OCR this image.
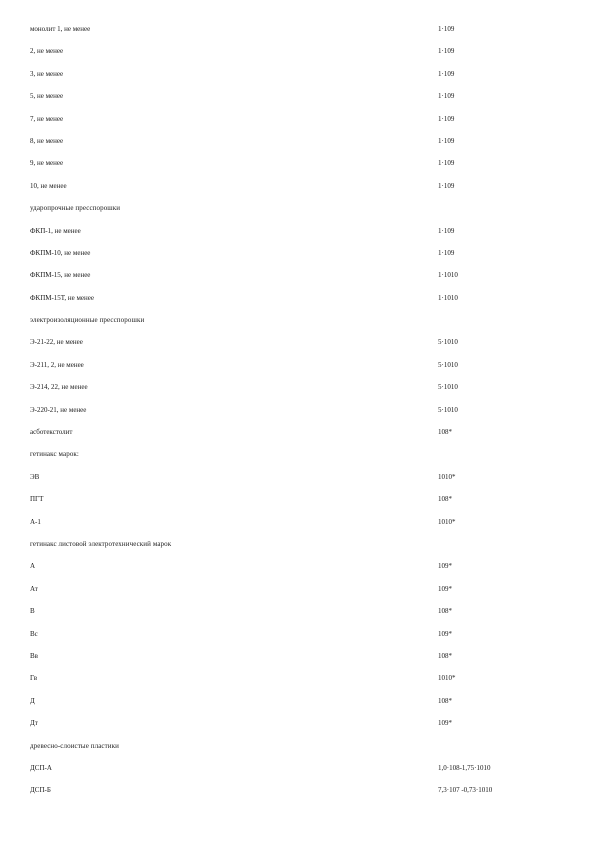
монолит 1, не менее	1·109
2, не менее	1·109
3, не менее	1·109
5, не менее	1·109
7, не менее	1·109
8, не менее	1·109
9, не менее	1·109
10, не менее	1·109
ударопрочные пресспорошки
ФКП-1, не менее	1·109
ФКПМ-10, не менее	1·109
ФКПМ-15, не менее	1·1010
ФКПМ-15Т, не менее	1·1010
электроизоляционные пресспорошки
Э-21-22, не менее	5·1010
Э-211, 2, не менее	5·1010
Э-214, 22, не менее	5·1010
Э-220-21, не менее	5·1010
асботекстолит	108*
гетинакс марок:
ЭВ	1010*
ПГТ	108*
А-1	1010*
гетинакс листовой электротехнический марок
А	109*
Ат	109*
В	108*
Вс	109*
Вв	108*
Гв	1010*
Д	108*
Дт	109*
древесно-слоистые пластики
ДСП-А	1,0·108-1,75·1010
ДСП-Б	7,3·107 -0,73·1010
